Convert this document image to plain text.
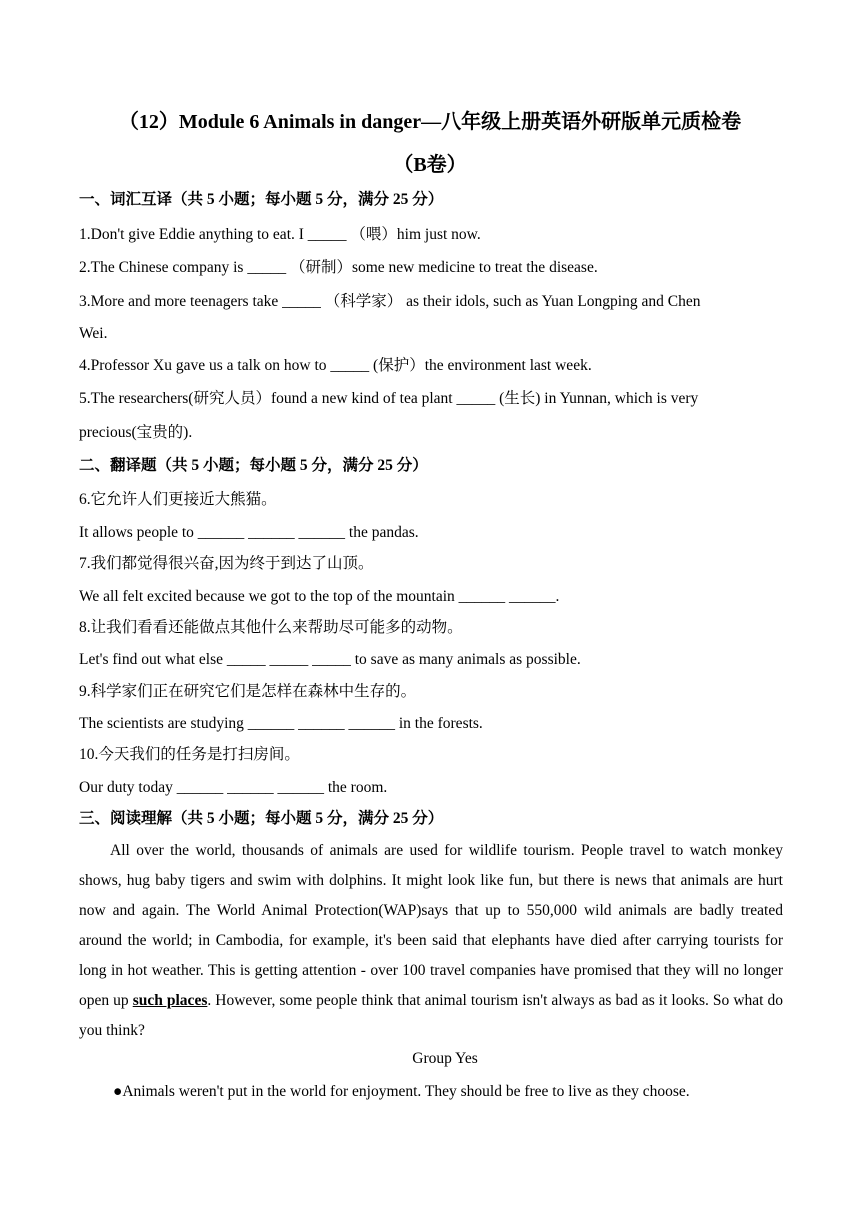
（12）Module 6 Animals in danger—八年级上册英语外研版单元质检卷
（B卷）
一、词汇互译（共 5 小题；每小题 5 分，满分 25 分）
1.Don't give Eddie anything to eat. I _____ （喂）him just now.
2.The Chinese company is _____ （研制）some new medicine to treat the disease.
3.More and more teenagers take _____ （科学家） as their idols, such as Yuan Longping and Chen
Wei.
4.Professor Xu gave us a talk on how to _____ (保护）the environment last week.
5.The researchers(研究人员）found a new kind of tea plant _____ (生长) in Yunnan, which is very
precious(宝贵的).
二、翻译题（共 5 小题；每小题 5 分，满分 25 分）
6.它允许人们更接近大熊猫。
It allows people to ______ ______ ______ the pandas.
7.我们都觉得很兴奋,因为终于到达了山顶。
We all felt excited because we got to the top of the mountain ______ ______.
8.让我们看看还能做点其他什么来帮助尽可能多的动物。
Let's find out what else _____ _____ _____ to save as many animals as possible.
9.科学家们正在研究它们是怎样在森林中生存的。
The scientists are studying ______ ______ ______ in the forests.
10.今天我们的任务是打扫房间。
Our duty today ______ ______ ______ the room.
三、阅读理解（共 5 小题；每小题 5 分，满分 25 分）
All over the world, thousands of animals are used for wildlife tourism. People travel to watch monkey shows, hug baby tigers and swim with dolphins. It might look like fun, but there is news that animals are hurt now and again. The World Animal Protection(WAP)says that up to 550,000 wild animals are badly treated around the world; in Cambodia, for example, it's been said that elephants have died after carrying tourists for long in hot weather. This is getting attention - over 100 travel companies have promised that they will no longer open up such places. However, some people think that animal tourism isn't always as bad as it looks. So what do you think?
Group Yes
●Animals weren't put in the world for enjoyment. They should be free to live as they choose.
